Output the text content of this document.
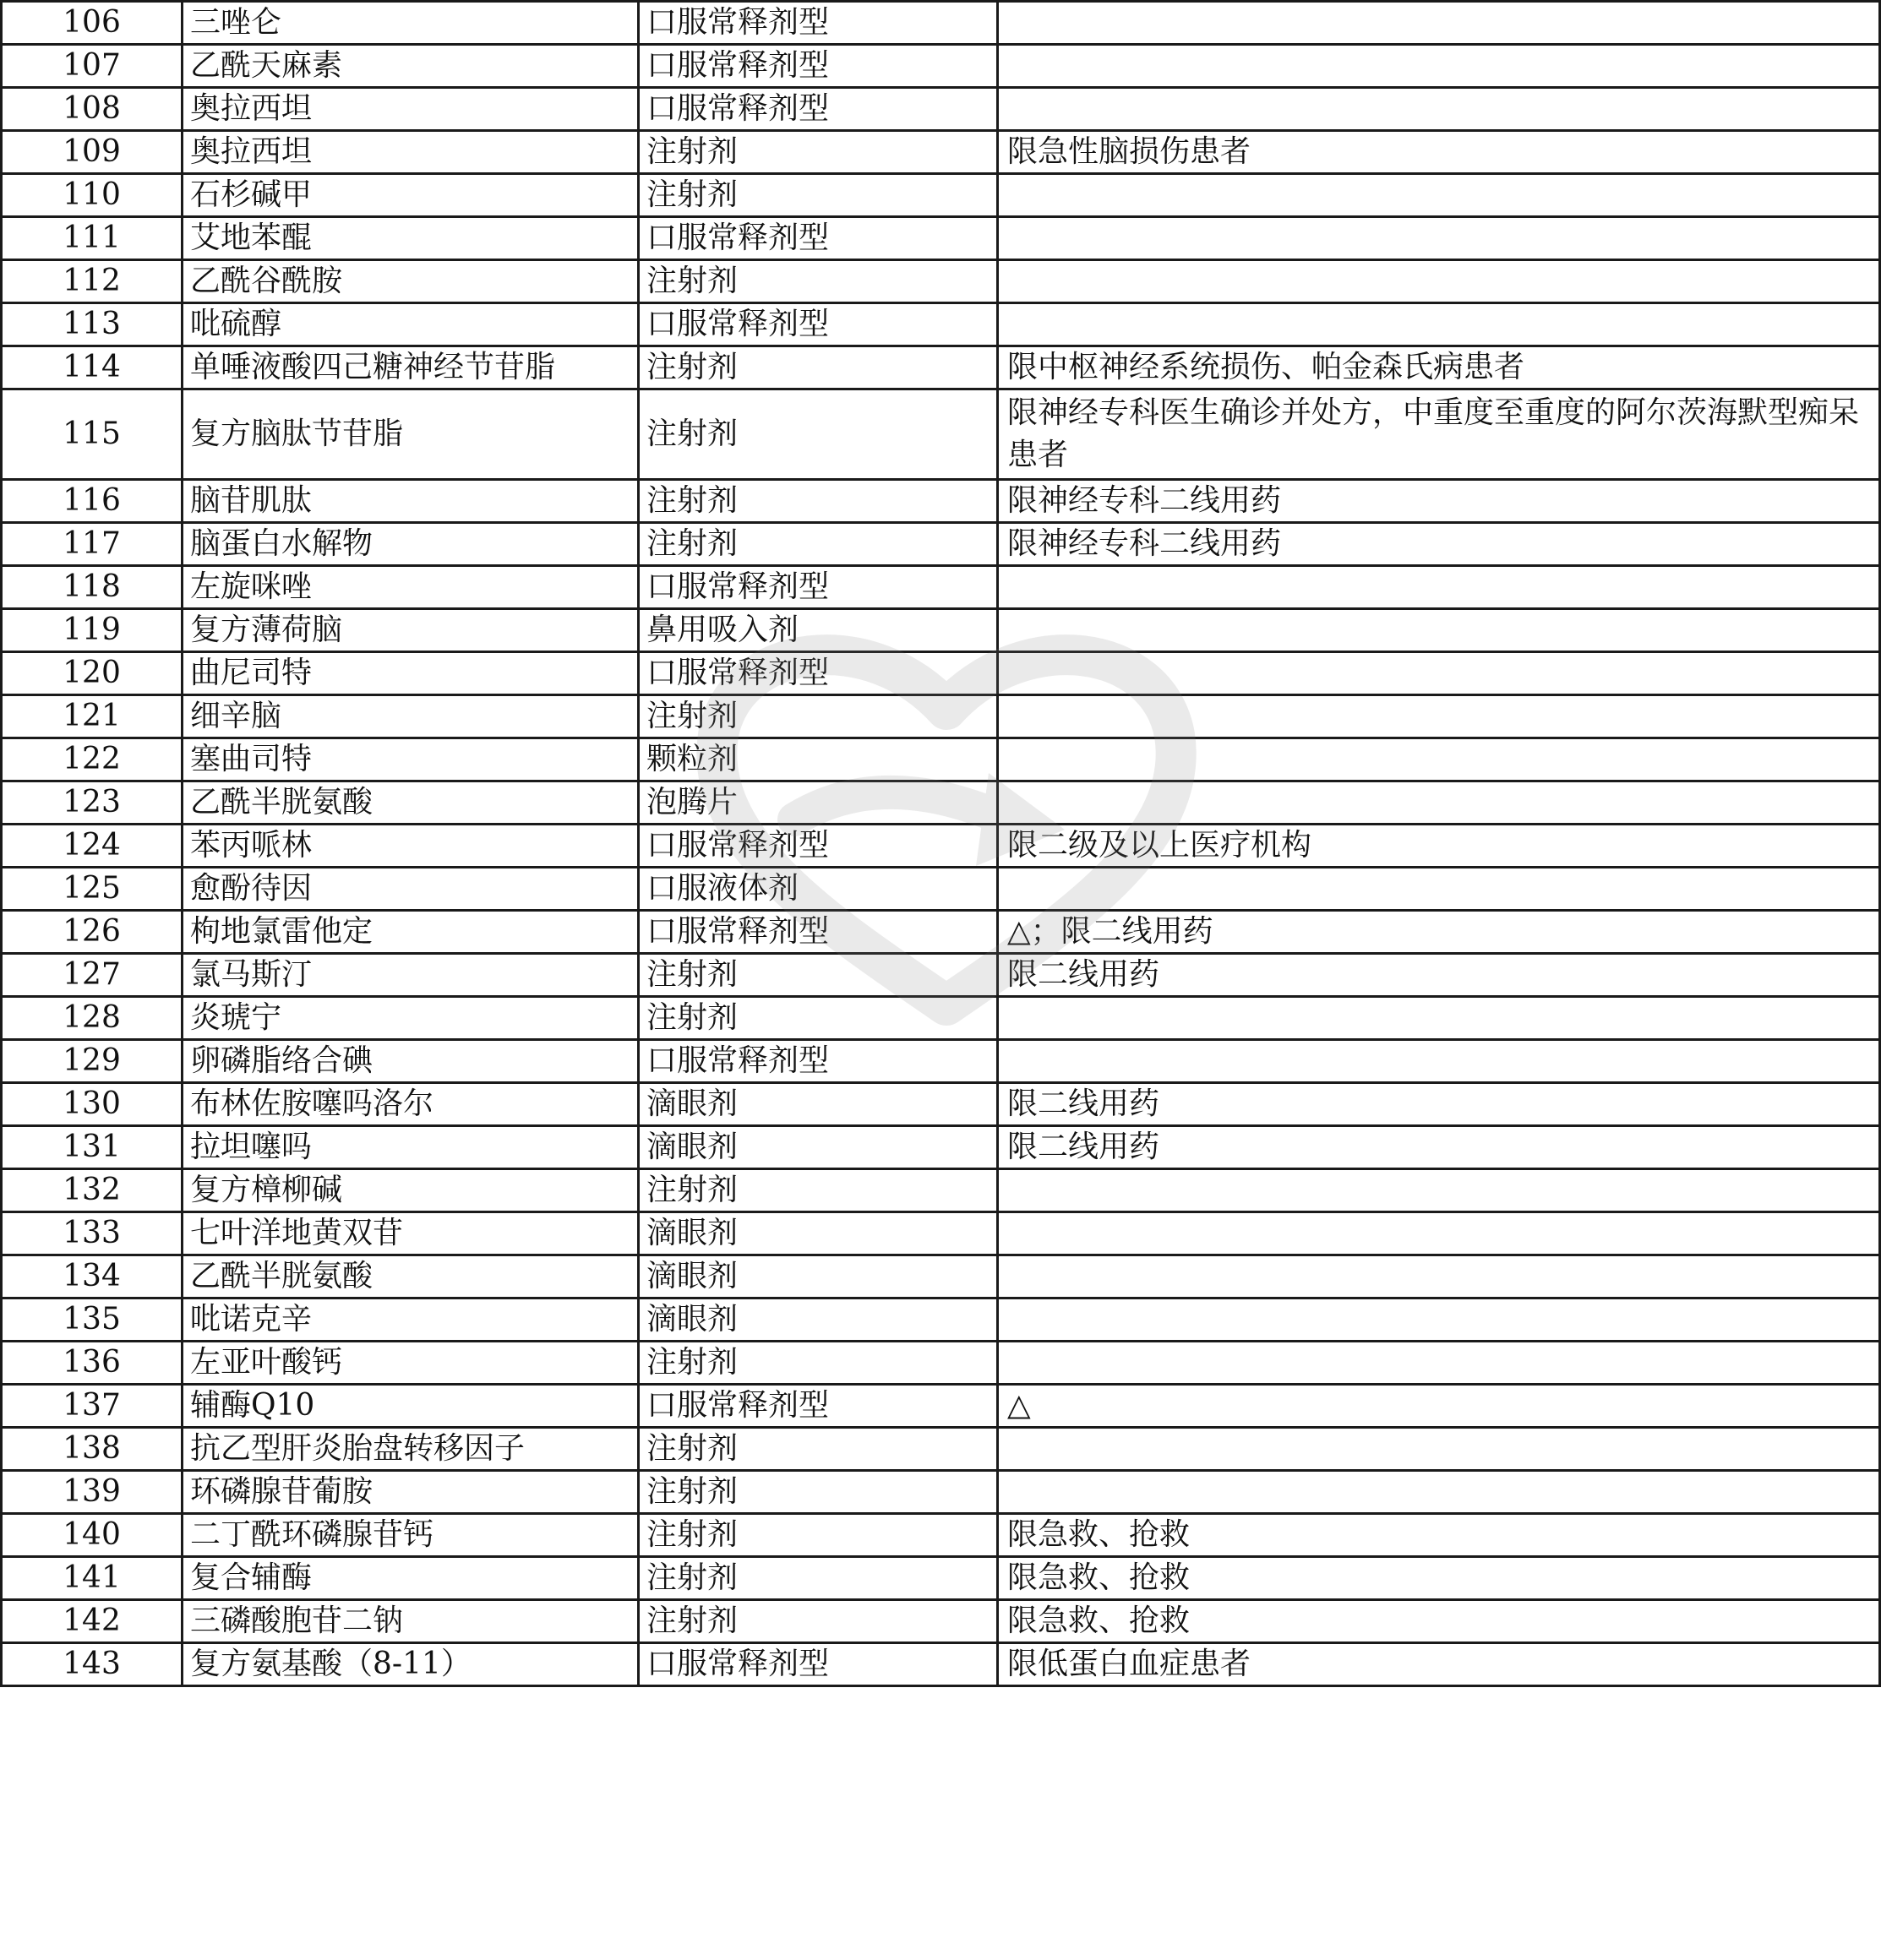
106	三唑仑	口服常释剂型	
107	乙酰天麻素	口服常释剂型	
108	奥拉西坦	口服常释剂型	
109	奥拉西坦	注射剂	限急性脑损伤患者
110	石杉碱甲	注射剂	
111	艾地苯醌	口服常释剂型	
112	乙酰谷酰胺	注射剂	
113	吡硫醇	口服常释剂型	
114	单唾液酸四己糖神经节苷脂	注射剂	限中枢神经系统损伤、帕金森氏病患者
115	复方脑肽节苷脂	注射剂	限神经专科医生确诊并处方，中重度至重度的阿尔茨海默型痴呆患者
116	脑苷肌肽	注射剂	限神经专科二线用药
117	脑蛋白水解物	注射剂	限神经专科二线用药
118	左旋咪唑	口服常释剂型	
119	复方薄荷脑	鼻用吸入剂	
120	曲尼司特	口服常释剂型	
121	细辛脑	注射剂	
122	塞曲司特	颗粒剂	
123	乙酰半胱氨酸	泡腾片	
124	苯丙哌林	口服常释剂型	限二级及以上医疗机构
125	愈酚待因	口服液体剂	
126	枸地氯雷他定	口服常释剂型	△；限二线用药
127	氯马斯汀	注射剂	限二线用药
128	炎琥宁	注射剂	
129	卵磷脂络合碘	口服常释剂型	
130	布林佐胺噻吗洛尔	滴眼剂	限二线用药
131	拉坦噻吗	滴眼剂	限二线用药
132	复方樟柳碱	注射剂	
133	七叶洋地黄双苷	滴眼剂	
134	乙酰半胱氨酸	滴眼剂	
135	吡诺克辛	滴眼剂	
136	左亚叶酸钙	注射剂	
137	辅酶Q10	口服常释剂型	△
138	抗乙型肝炎胎盘转移因子	注射剂	
139	环磷腺苷葡胺	注射剂	
140	二丁酰环磷腺苷钙	注射剂	限急救、抢救
141	复合辅酶	注射剂	限急救、抢救
142	三磷酸胞苷二钠	注射剂	限急救、抢救
143	复方氨基酸（8-11）	口服常释剂型	限低蛋白血症患者
